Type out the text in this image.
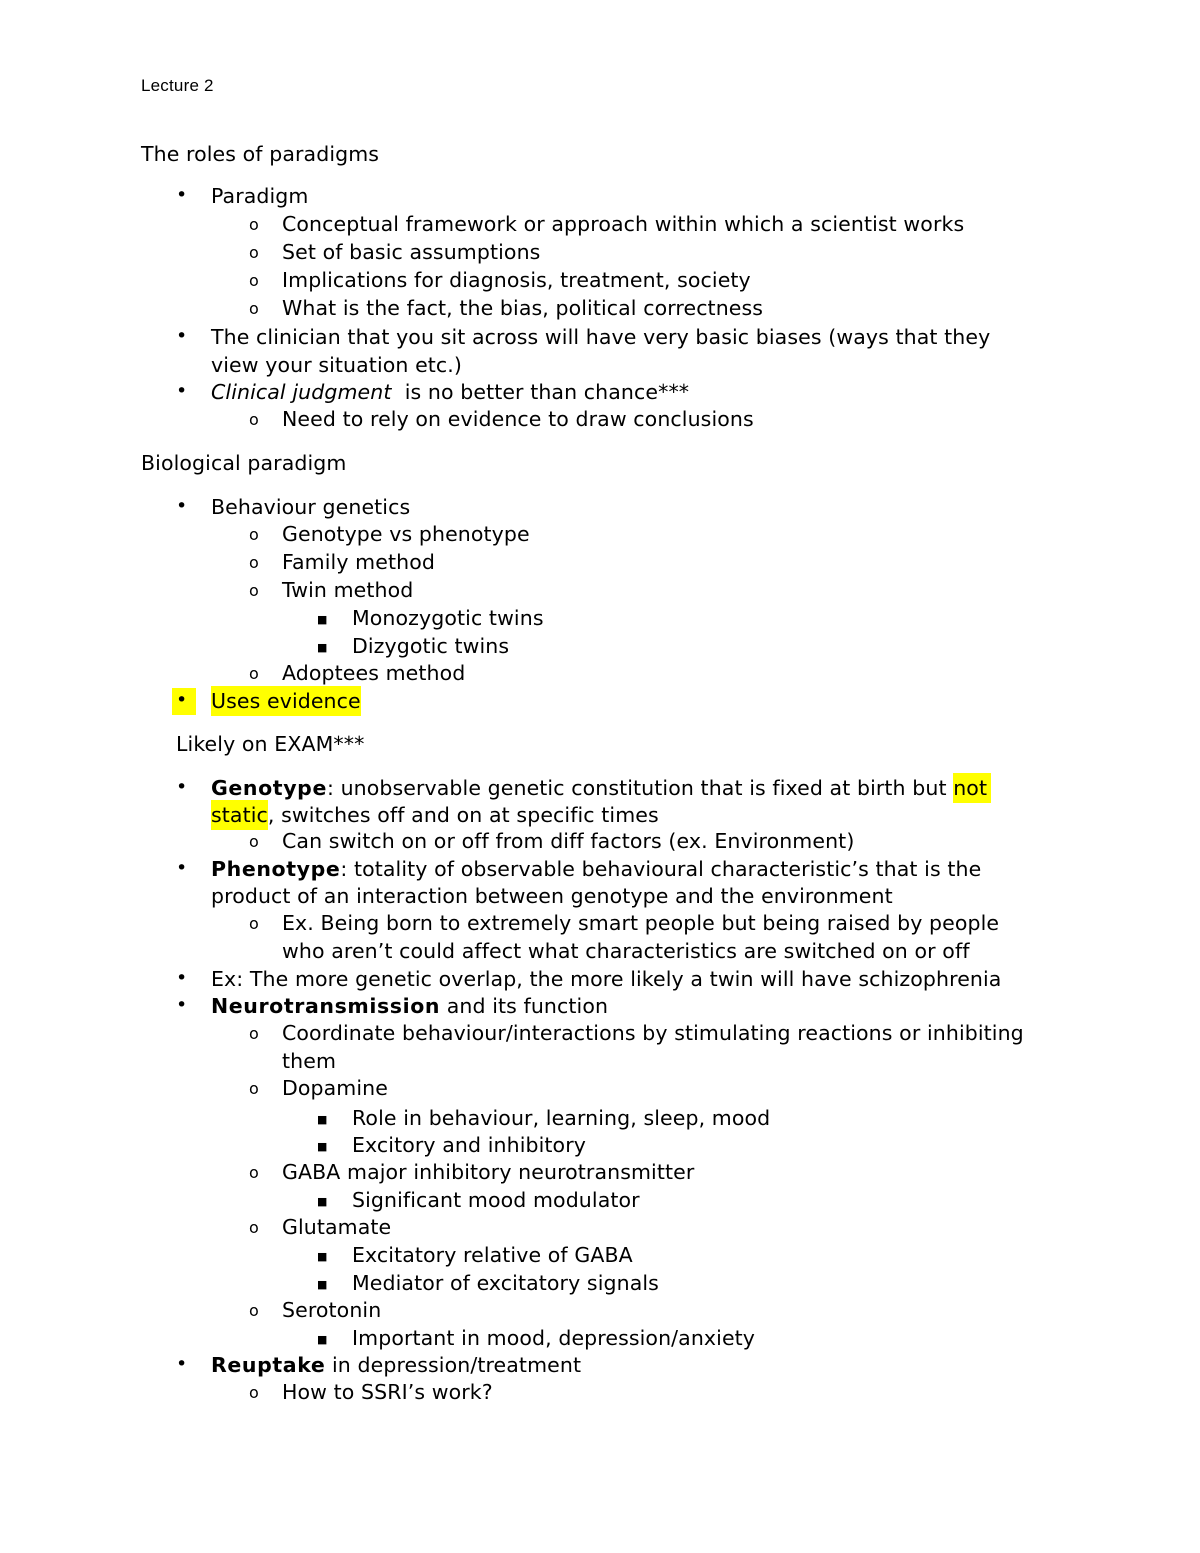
Lecture 2
The roles of paradigms
• Paradigm
o Conceptual framework or approach within which a scientist works
o Set of basic assumptions
o Implications for diagnosis, treatment, society
o What is the fact, the bias, political correctness
• The clinician that you sit across will have very basic biases (ways that they
view your situation etc.)
• Clinical judgment  is no better than chance***
o Need to rely on evidence to draw conclusions
Biological paradigm
• Behaviour genetics
o Genotype vs phenotype
o Family method
o Twin method
■ Monozygotic twins
■ Dizygotic twins
o Adoptees method
• Uses evidence
Likely on EXAM***
• Genotype: unobservable genetic constitution that is fixed at birth but not
static, switches off and on at specific times
o Can switch on or off from diff factors (ex. Environment)
• Phenotype: totality of observable behavioural characteristic’s that is the
product of an interaction between genotype and the environment
o Ex. Being born to extremely smart people but being raised by people
who aren’t could affect what characteristics are switched on or off
• Ex: The more genetic overlap, the more likely a twin will have schizophrenia
• Neurotransmission and its function
o Coordinate behaviour/interactions by stimulating reactions or inhibiting
them
o Dopamine
■ Role in behaviour, learning, sleep, mood
■ Excitory and inhibitory
o GABA major inhibitory neurotransmitter
■ Significant mood modulator
o Glutamate
■ Excitatory relative of GABA
■ Mediator of excitatory signals
o Serotonin
■ Important in mood, depression/anxiety
• Reuptake in depression/treatment
o How to SSRI’s work?
